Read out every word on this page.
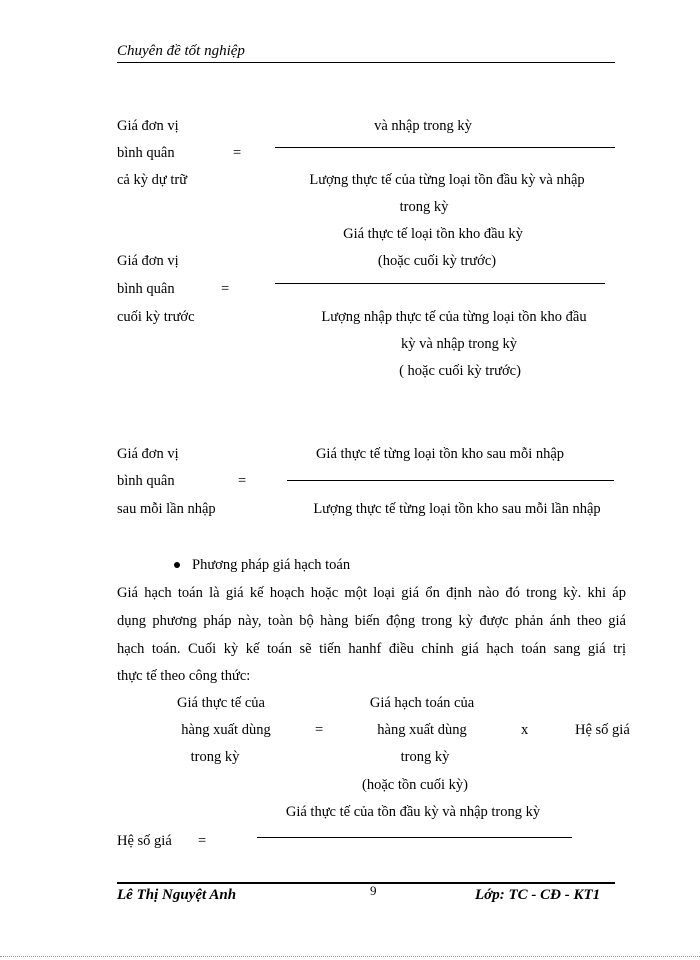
Chuyên đề tốt nghiệp
Giá đơn vị
bình quân
cả kỳ dự trữ
=
và nhập trong kỳ
Lượng thực tế của từng loại tồn đầu kỳ và nhập
trong kỳ
Giá thực tế loại tồn kho đầu kỳ
Giá đơn vị	(hoặc cuối kỳ trước)
bình quân	=
cuối kỳ trước	Lượng nhập thực tế của từng loại tồn kho đầu
kỳ và nhập trong kỳ
( hoặc cuối kỳ trước)
Giá đơn vị	Giá thực tế từng loại tồn kho sau mỗi nhập
bình quân	=
sau mỗi lần nhập	Lượng thực tế từng loại tồn kho sau mỗi lần nhập
Phương pháp giá hạch toán
Giá hạch toán là giá kế hoạch hoặc một loại giá ổn định nào đó trong kỳ. khi áp
dụng phương pháp này, toàn bộ hàng biến động trong kỳ được phản ánh theo giá
hạch toán. Cuối kỳ kế toán sẽ tiến hanhf điều chỉnh giá hạch toán sang giá trị
thực tế theo công thức:
Giá thực tế của	Giá hạch toán của
hàng xuất dùng	=	hàng xuất dùng	x	Hệ số giá
trong kỳ	trong kỳ
(hoặc tồn cuối kỳ)
Giá thực tế của tồn đầu kỳ và nhập trong kỳ
Hệ số giá =
Lê Thị Nguyệt Anh	9	Lớp: TC - CĐ - KT1
